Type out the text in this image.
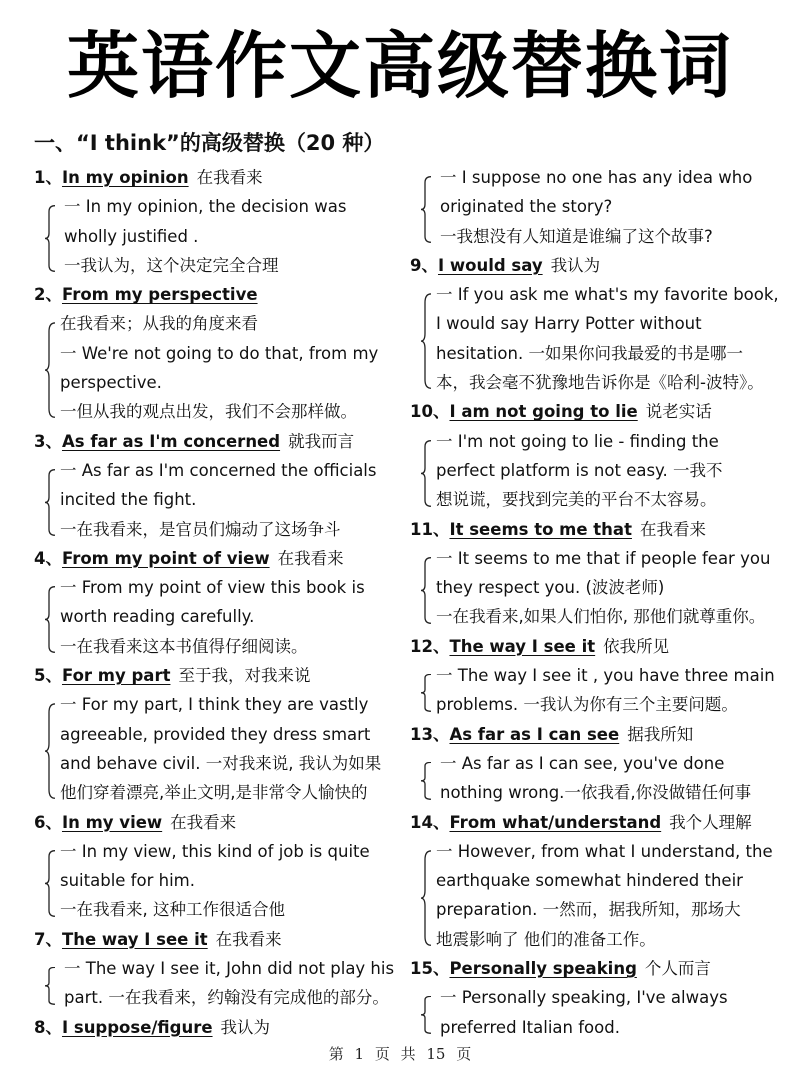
英语作文高级替换词
一、“I think”的高级替换（20 种）
1、In my opinion 在我看来
一 In my opinion, the decision was
wholly justified .
一我认为，这个决定完全合理
2、From my perspective
在我看来；从我的角度来看
一 We're not going to do that, from my
perspective.
一但从我的观点出发，我们不会那样做。
3、As far as I'm concerned 就我而言
一 As far as I'm concerned the officials
incited the fight.
一在我看来，是官员们煽动了这场争斗
4、From my point of view 在我看来
一 From my point of view this book is
worth reading carefully.
一在我看来这本书值得仔细阅读。
5、For my part 至于我，对我来说
一 For my part, I think they are vastly
agreeable, provided they dress smart
and behave civil. 一对我来说, 我认为如果
他们穿着漂亮,举止文明,是非常令人愉快的
6、In my view 在我看来
一 In my view, this kind of job is quite
suitable for him.
一在我看来, 这种工作很适合他
7、The way I see it 在我看来
一 The way I see it, John did not play his
part. 一在我看来，约翰没有完成他的部分。
8、I suppose/figure 我认为
一 I suppose no one has any idea who
originated the story?
一我想没有人知道是谁编了这个故事?
9、I would say 我认为
一 If you ask me what's my favorite book,
I would say Harry Potter without
hesitation. 一如果你问我最爱的书是哪一
本，我会毫不犹豫地告诉你是《哈利-波特》。
10、I am not going to lie 说老实话
一 I'm not going to lie - finding the
perfect platform is not easy. 一我不
想说谎，要找到完美的平台不太容易。
11、It seems to me that 在我看来
一 It seems to me that if people fear you
they respect you. (波波老师)
一在我看来,如果人们怕你, 那他们就尊重你。
12、The way I see it 依我所见
一 The way I see it , you have three main
problems. 一我认为你有三个主要问题。
13、As far as I can see 据我所知
一 As far as I can see, you've done
nothing wrong.一依我看,你没做错任何事
14、From what/understand 我个人理解
一 However, from what I understand, the
earthquake somewhat hindered their
preparation. 一然而，据我所知，那场大
地震影响了 他们的准备工作。
15、Personally speaking 个人而言
一 Personally speaking, I've always
preferred Italian food.
第 1 页 共 15 页
